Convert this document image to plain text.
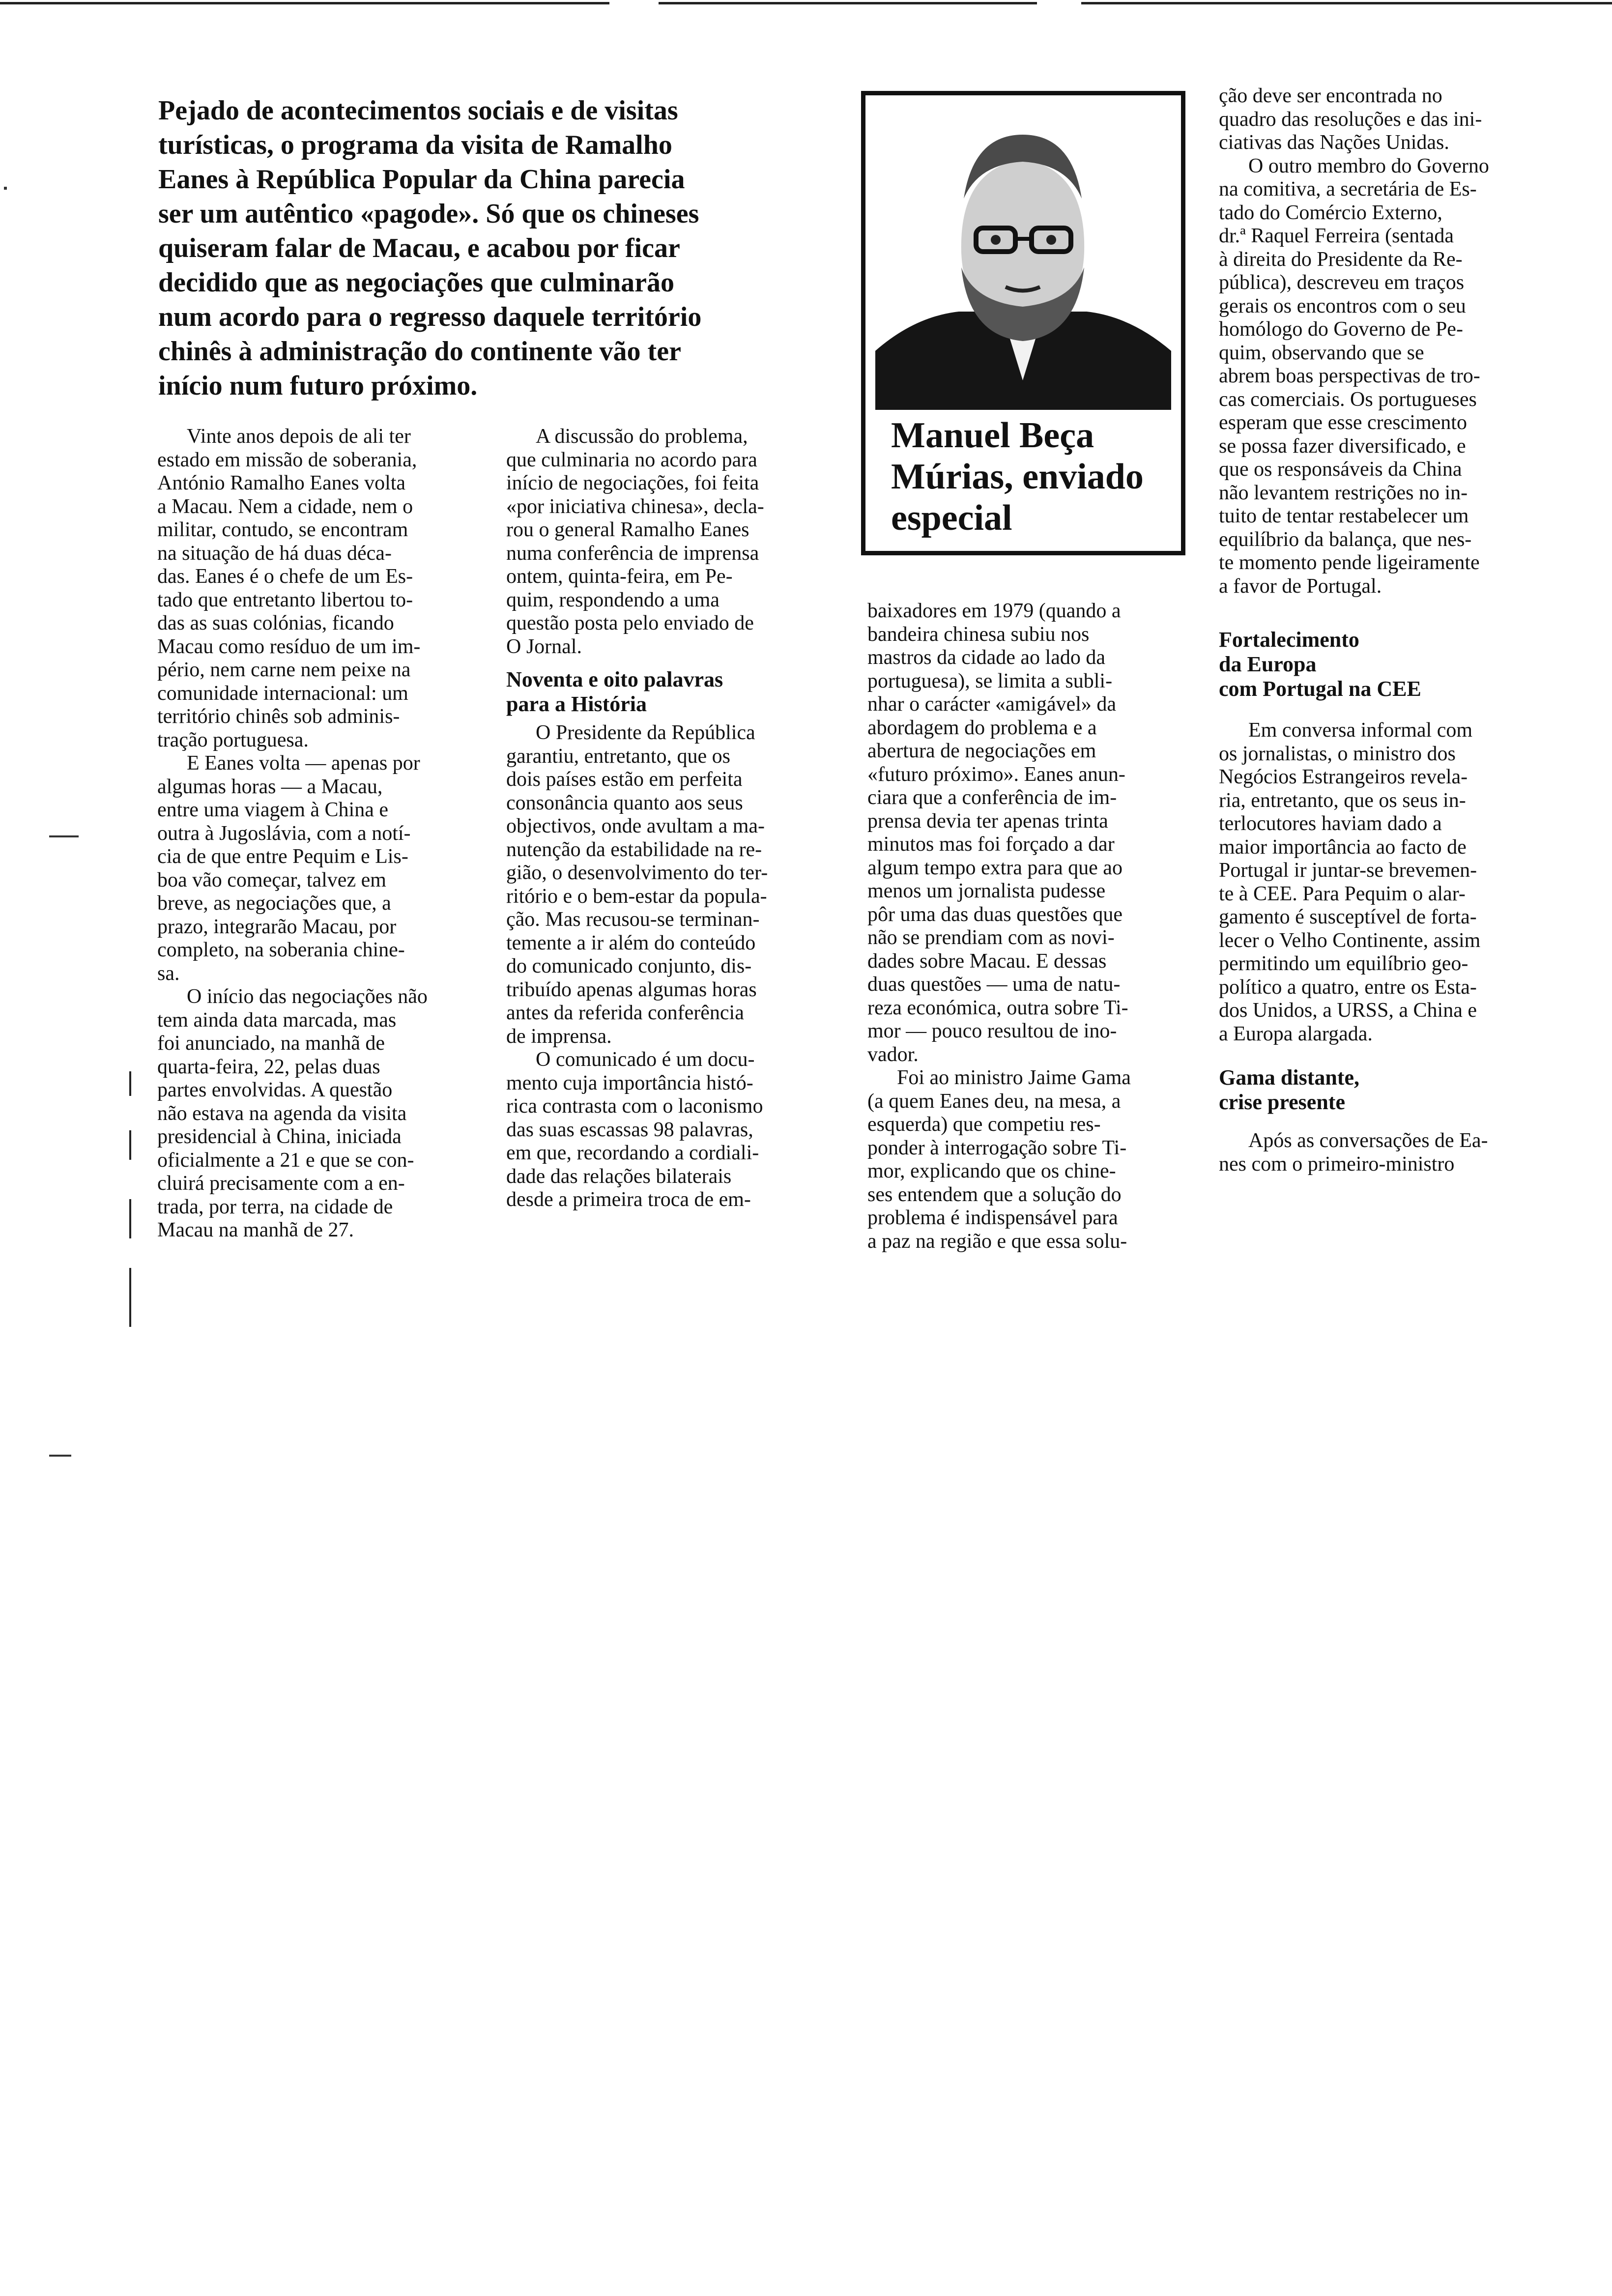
Pejado de acontecimentos sociais e de visitas
turísticas, o programa da visita de Ramalho
Eanes à República Popular da China parecia
ser um autêntico «pagode». Só que os chineses
quiseram falar de Macau, e acabou por ficar
decidido que as negociações que culminarão
num acordo para o regresso daquele território
chinês à administração do continente vão ter
início num futuro próximo.
Manuel Beça
Múrias, enviado
especial

Vinte anos depois de ali ter
estado em missão de soberania,
António Ramalho Eanes volta
a Macau. Nem a cidade, nem o
militar, contudo, se encontram
na situação de há duas déca-
das. Eanes é o chefe de um Es-
tado que entretanto libertou to-
das as suas colónias, ficando
Macau como resíduo de um im-
pério, nem carne nem peixe na
comunidade internacional: um
território chinês sob adminis-
tração portuguesa.

E Eanes volta — apenas por
algumas horas — a Macau,
entre uma viagem à China e
outra à Jugoslávia, com a notí-
cia de que entre Pequim e Lis-
boa vão começar, talvez em
breve, as negociações que, a
prazo, integrarão Macau, por
completo, na soberania chine-
sa.

O início das negociações não
tem ainda data marcada, mas
foi anunciado, na manhã de
quarta-feira, 22, pelas duas
partes envolvidas. A questão
não estava na agenda da visita
presidencial à China, iniciada
oficialmente a 21 e que se con-
cluirá precisamente com a en-
trada, por terra, na cidade de
Macau na manhã de 27.

A discussão do problema,
que culminaria no acordo para
início de negociações, foi feita
«por iniciativa chinesa», decla-
rou o general Ramalho Eanes
numa conferência de imprensa
ontem, quinta-feira, em Pe-
quim, respondendo a uma
questão posta pelo enviado de
O Jornal.

Noventa e oito palavras
para a História

O Presidente da República
garantiu, entretanto, que os
dois países estão em perfeita
consonância quanto aos seus
objectivos, onde avultam a ma-
nutenção da estabilidade na re-
gião, o desenvolvimento do ter-
ritório e o bem-estar da popula-
ção. Mas recusou-se terminan-
temente a ir além do conteúdo
do comunicado conjunto, dis-
tribuído apenas algumas horas
antes da referida conferência
de imprensa.

O comunicado é um docu-
mento cuja importância histó-
rica contrasta com o laconismo
das suas escassas 98 palavras,
em que, recordando a cordiali-
dade das relações bilaterais
desde a primeira troca de em-

baixadores em 1979 (quando a
bandeira chinesa subiu nos
mastros da cidade ao lado da
portuguesa), se limita a subli-
nhar o carácter «amigável» da
abordagem do problema e a
abertura de negociações em
«futuro próximo». Eanes anun-
ciara que a conferência de im-
prensa devia ter apenas trinta
minutos mas foi forçado a dar
algum tempo extra para que ao
menos um jornalista pudesse
pôr uma das duas questões que
não se prendiam com as novi-
dades sobre Macau. E dessas
duas questões — uma de natu-
reza económica, outra sobre Ti-
mor — pouco resultou de ino-
vador.

Foi ao ministro Jaime Gama
(a quem Eanes deu, na mesa, a
esquerda) que competiu res-
ponder à interrogação sobre Ti-
mor, explicando que os chine-
ses entendem que a solução do
problema é indispensável para
a paz na região e que essa solu-

ção deve ser encontrada no
quadro das resoluções e das ini-
ciativas das Nações Unidas.

O outro membro do Governo
na comitiva, a secretária de Es-
tado do Comércio Externo,
dr.ª Raquel Ferreira (sentada
à direita do Presidente da Re-
pública), descreveu em traços
gerais os encontros com o seu
homólogo do Governo de Pe-
quim, observando que se
abrem boas perspectivas de tro-
cas comerciais. Os portugueses
esperam que esse crescimento
se possa fazer diversificado, e
que os responsáveis da China
não levantem restrições no in-
tuito de tentar restabelecer um
equilíbrio da balança, que nes-
te momento pende ligeiramente
a favor de Portugal.

Fortalecimento
da Europa
com Portugal na CEE

Em conversa informal com
os jornalistas, o ministro dos
Negócios Estrangeiros revela-
ria, entretanto, que os seus in-
terlocutores haviam dado a
maior importância ao facto de
Portugal ir juntar-se brevemen-
te à CEE. Para Pequim o alar-
gamento é susceptível de forta-
lecer o Velho Continente, assim
permitindo um equilíbrio geo-
político a quatro, entre os Esta-
dos Unidos, a URSS, a China e
a Europa alargada.

Gama distante,
crise presente

Após as conversações de Ea-
nes com o primeiro-ministro
